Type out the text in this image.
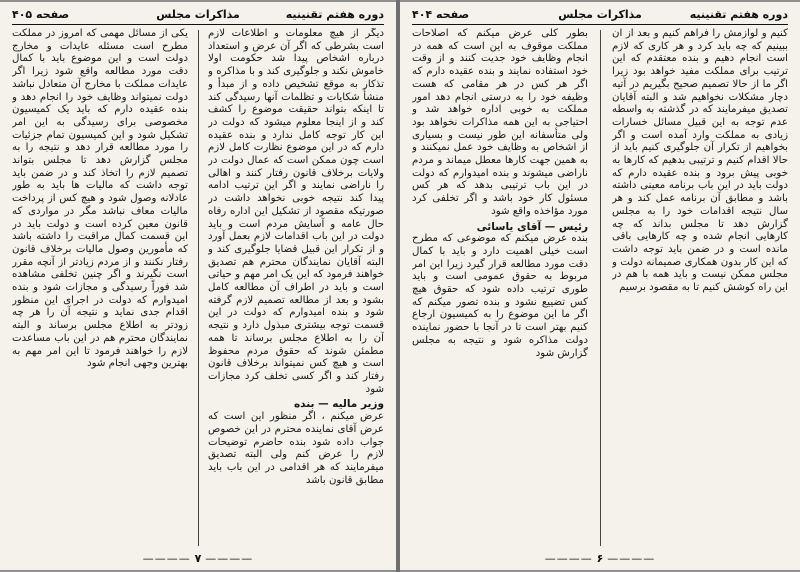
صفحه ۴۰۵	مذاکرات مجلس	دوره هفتم تقنینیه

دیگر از هیچ معلومات و اطلاعات لازم است بشرطی که اگر آن عرض و استعداد درباره اشخاص پیدا شد حکومت اولا خاموش نکند و جلوگیری کند و با مذاکره و تذکار به موقع تشخیص داده و از مبدأ و منشأ شکایات و تظلمات آنها رسیدگی کند تا اینکه بتواند حقیقت موضوع را کشف کند و از اینجا معلوم میشود که دولت در این کار توجه کامل ندارد و بنده عقیده دارم که در این موضوع نظارت کامل لازم است چون ممکن است که عمال دولت در ولایات برخلاف قانون رفتار کنند و اهالی را ناراضی نمایند و اگر این ترتیب ادامه پیدا کند نتیجه خوبی نخواهد داشت در صورتیکه مقصود از تشکیل این اداره رفاه حال عامه و آسایش مردم است و باید دولت در این باب اقدامات لازم بعمل آورد و از تکرار این قبیل قضایا جلوگیری کند و البته آقایان نمایندگان محترم هم تصدیق خواهند فرمود که این یک امر مهم و حیاتی است و باید در اطراف آن مطالعه کامل بشود و بعد از مطالعه تصمیم لازم گرفته شود و بنده امیدوارم که دولت در این قسمت توجه بیشتری مبذول دارد و نتیجه آن را به اطلاع مجلس برساند تا همه مطمئن شوند که حقوق مردم محفوظ است و هیچ کس نمیتواند برخلاف قانون رفتار کند و اگر کسی تخلف کرد مجازات شود

وزیر مالیه — بنده

عرض میکنم ، اگر منظور این است که عرض آقای نماینده محترم در این خصوص جواب داده شود بنده حاضرم توضیحات لازم را عرض کنم ولی البته تصدیق میفرمایند که هر اقدامی در این باب باید مطابق قانون باشد

یکی از مسائل مهمی که امروز در مملکت مطرح است مسئله عایدات و مخارج دولت است و این موضوع باید با کمال دقت مورد مطالعه واقع شود زیرا اگر عایدات مملکت با مخارج آن متعادل نباشد دولت نمیتواند وظایف خود را انجام دهد و بنده عقیده دارم که باید یک کمیسیون مخصوصی برای رسیدگی به این امر تشکیل شود و این کمیسیون تمام جزئیات را مورد مطالعه قرار دهد و نتیجه را به مجلس گزارش دهد تا مجلس بتواند تصمیم لازم را اتخاذ کند و در ضمن باید توجه داشت که مالیات ها باید به طور عادلانه وصول شود و هیچ کس از پرداخت مالیات معاف نباشد مگر در مواردی که قانون معین کرده است و دولت باید در این قسمت کمال مراقبت را داشته باشد که مأمورین وصول مالیات برخلاف قانون رفتار نکنند و از مردم زیادتر از آنچه مقرر است نگیرند و اگر چنین تخلفی مشاهده شد فوراً رسیدگی و مجازات شود و بنده امیدوارم که دولت در اجرای این منظور اقدام جدی نماید و نتیجه آن را هر چه زودتر به اطلاع مجلس برساند و البته نمایندگان محترم هم در این باب مساعدت لازم را خواهند فرمود تا این امر مهم به بهترین وجهی انجام شود

———— ۷ ————
دوره هفتم تقنینیه
مذاکرات مجلس
صفحه ۴۰۴

کنیم و لوازمش را فراهم کنیم و بعد از آن ببینیم که چه باید کرد و هر کاری که لازم است انجام دهیم و بنده معتقدم که این ترتیب برای مملکت مفید خواهد بود زیرا اگر ما از حالا تصمیم صحیح بگیریم در آتیه دچار مشکلات نخواهیم شد و البته آقایان تصدیق میفرمایند که در گذشته به واسطه عدم توجه به این قبیل مسائل خسارات زیادی به مملکت وارد آمده است و اگر بخواهیم از تکرار آن جلوگیری کنیم باید از حالا اقدام کنیم و ترتیبی بدهیم که کارها به خوبی پیش برود و بنده عقیده دارم که دولت باید در این باب برنامه معینی داشته باشد و مطابق آن برنامه عمل کند و هر سال نتیجه اقدامات خود را به مجلس گزارش دهد تا مجلس بداند که چه کارهایی انجام شده و چه کارهایی باقی مانده است و در ضمن باید توجه داشت که این کار بدون همکاری صمیمانه دولت و مجلس ممکن نیست و باید همه با هم در این راه کوشش کنیم تا به مقصود برسیم

بطور کلی عرض میکنم که اصلاحات مملکت موقوف به این است که همه در انجام وظایف خود جدیت کنند و از وقت خود استفاده نمایند و بنده عقیده دارم که اگر هر کس در هر مقامی که هست وظیفه خود را به درستی انجام دهد امور مملکت به خوبی اداره خواهد شد و احتیاجی به این همه مذاکرات نخواهد بود ولی متأسفانه این طور نیست و بسیاری از اشخاص به وظایف خود عمل نمیکنند و به همین جهت کارها معطل میماند و مردم ناراضی میشوند و بنده امیدوارم که دولت در این باب ترتیبی بدهد که هر کس مسئول کار خود باشد و اگر تخلفی کرد مورد مؤاخذه واقع شود

رئیس — آقای یاسائی

بنده عرض میکنم که موضوعی که مطرح است خیلی اهمیت دارد و باید با کمال دقت مورد مطالعه قرار گیرد زیرا این امر مربوط به حقوق عمومی است و باید طوری ترتیب داده شود که حقوق هیچ کس تضییع نشود و بنده تصور میکنم که اگر ما این موضوع را به کمیسیون ارجاع کنیم بهتر است تا در آنجا با حضور نماینده دولت مذاکره شود و نتیجه به مجلس گزارش شود

———— ۶ ————
